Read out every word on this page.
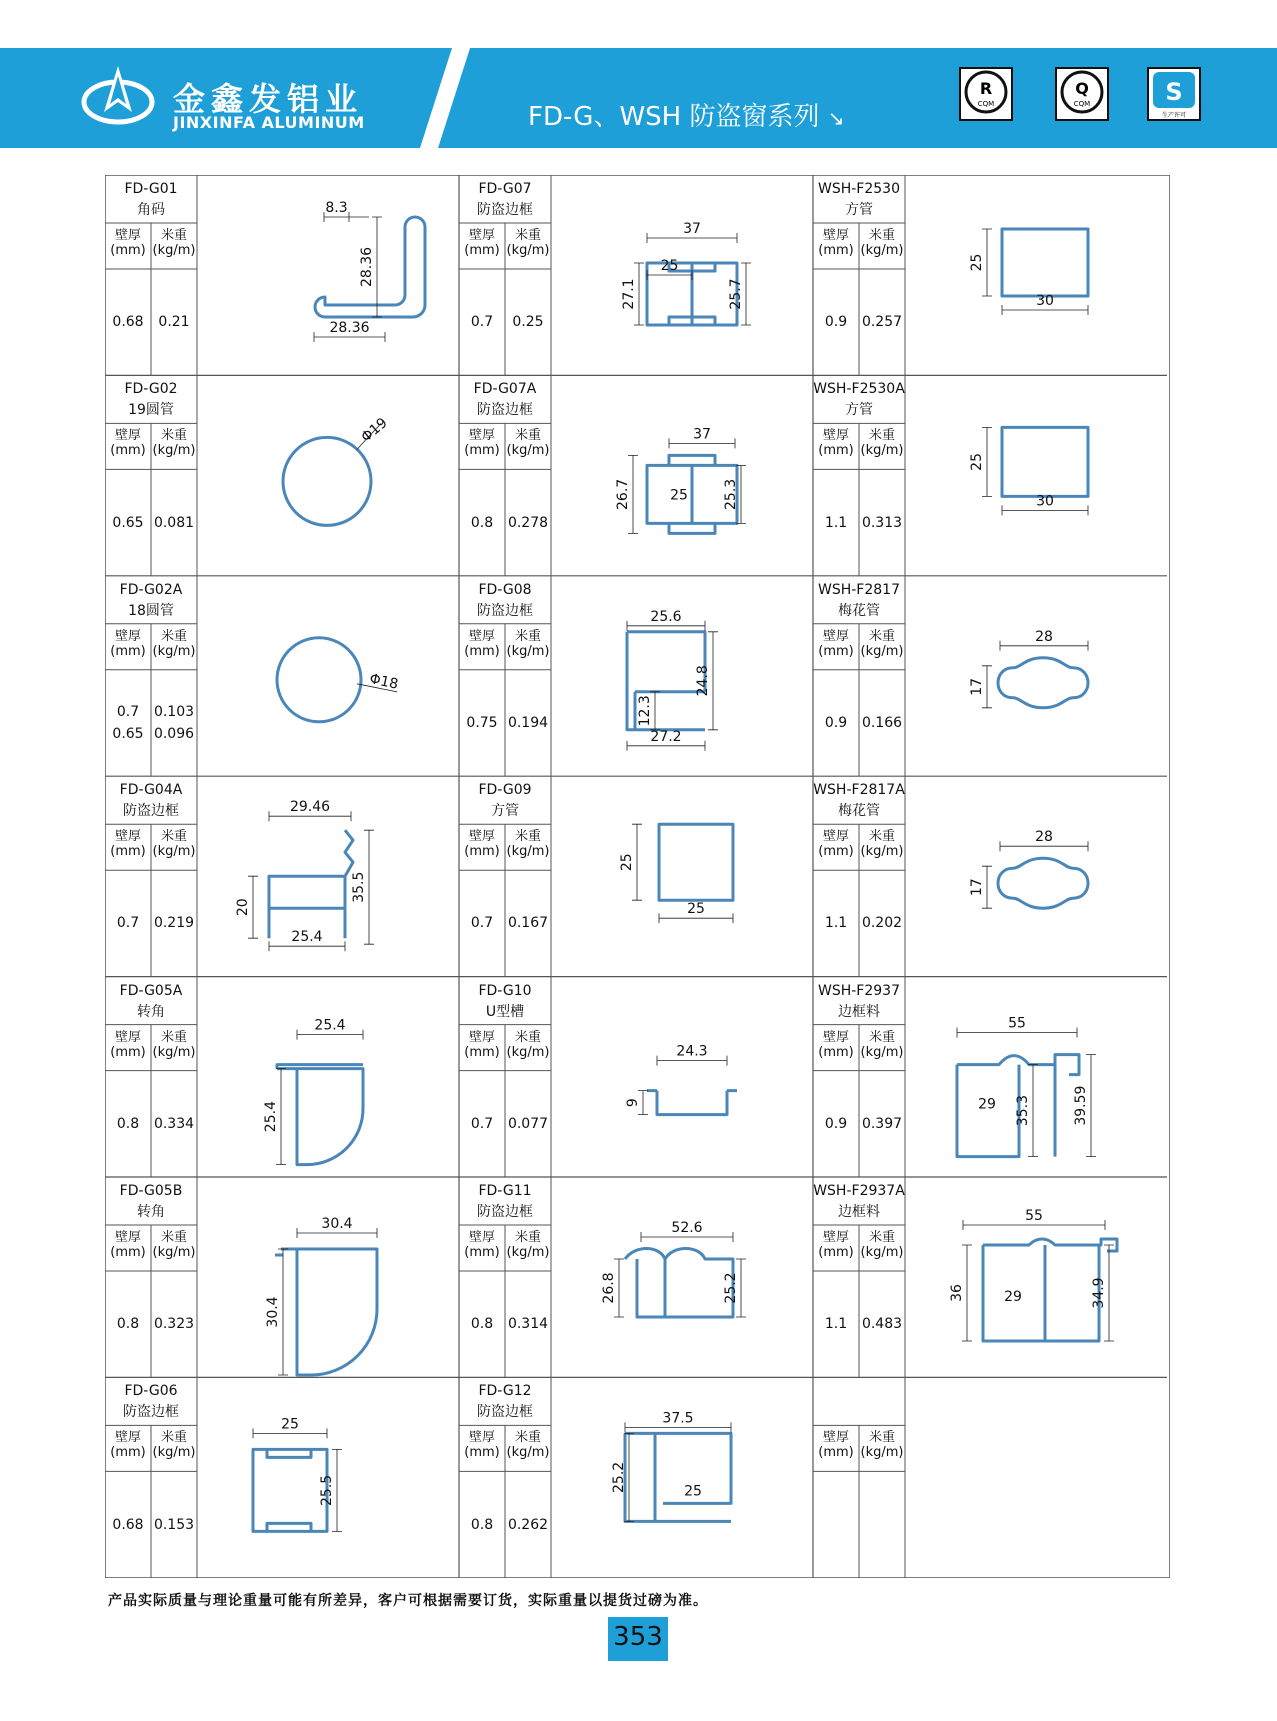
金鑫发铝业
JINXINFA ALUMINUM	FD-G、WSH 防盗窗系列 ↘
R
CQM
Q
CQM	S
生产许可
8.3
28.36
28.36
37
25
27.1	25.7
25
30
Φ19	37
25
26.7	25.3
25
30
Φ18
25.6
24.8
12.3
27.2
28
17
29.46
35.5
20
25.4
25
25
28
17
25.4
25.4
24.3
9
55
29 35.3	39.59
30.4
30.4
52.6
26.8	25.2
55
36	29	34.9
25
25.5
37.5
25.2	25
FD-G01
角码
壁厚
(mm)
米重
(kg/m)
0.68	0.21
FD-G07
防盗边框
壁厚
(mm)
米重
(kg/m)
0.7	0.25
WSH-F2530
方管
壁厚
(mm)
米重
(kg/m)
0.9	0.257
FD-G02
19圆管
壁厚
(mm)
米重
(kg/m)
0.65 0.081
FD-G07A
防盗边框
壁厚
(mm)
米重
(kg/m)
0.8	0.278
WSH-F2530A
方管
壁厚
(mm)
米重
(kg/m)
1.1	0.313
FD-G02A
18圆管
壁厚
(mm)
米重
(kg/m)
0.7
0.65
0.103
0.096
FD-G08
防盗边框
壁厚
(mm)
米重
(kg/m)
0.75 0.194
WSH-F2817
梅花管
壁厚
(mm)
米重
(kg/m)
0.9	0.166
FD-G04A
防盗边框
壁厚
(mm)
米重
(kg/m)
0.7	0.219
FD-G09
方管
壁厚
(mm)
米重
(kg/m)
0.7	0.167
WSH-F2817A
梅花管
壁厚
(mm)
米重
(kg/m)
1.1	0.202
FD-G05A
转角
壁厚
(mm)
米重
(kg/m)
0.8	0.334
FD-G10
U型槽
壁厚
(mm)
米重
(kg/m)
0.7	0.077
WSH-F2937
边框料
壁厚
(mm)
米重
(kg/m)
0.9	0.397
FD-G05B
转角
壁厚
(mm)
米重
(kg/m)
0.8	0.323
FD-G11
防盗边框
壁厚
(mm)
米重
(kg/m)
0.8	0.314
WSH-F2937A
边框料
壁厚
(mm)
米重
(kg/m)
1.1	0.483
FD-G06
防盗边框
壁厚
(mm)
米重
(kg/m)
0.68 0.153
FD-G12
防盗边框
壁厚
(mm)
米重
(kg/m)
0.8	0.262
壁厚
(mm)
米重
(kg/m)
产品实际质量与理论重量可能有所差异，客户可根据需要订货，实际重量以提货过磅为准。
353
